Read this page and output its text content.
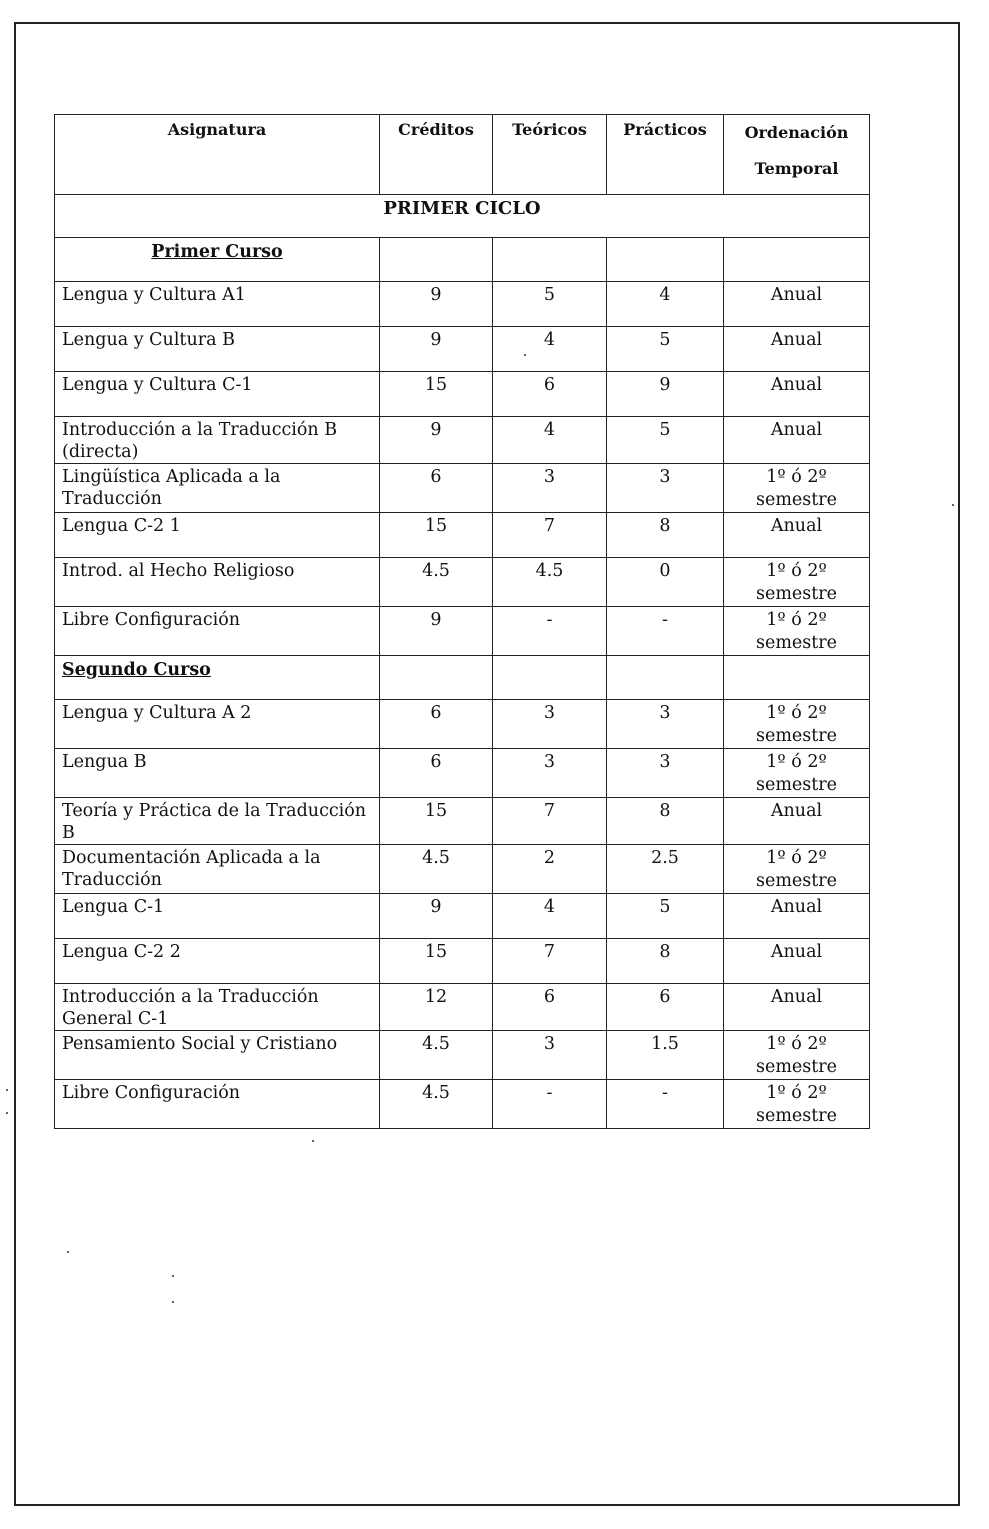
Asignatura	Créditos	Teóricos	Prácticos	Ordenación
Temporal

PRIMER CICLO				
Primer Curso				
Lengua y Cultura A1	9	5	4	Anual
Lengua y Cultura B	9	4	5	Anual
Lengua y Cultura C-1	15	6	9	Anual
Introducción a la Traducción B (directa)	9	4	5	Anual
Lingüística Aplicada a la Traducción	6	3	3	1º ó 2º semestre
Lengua C-2 1	15	7	8	Anual
Introd. al Hecho Religioso	4.5	4.5	0	1º ó 2º semestre
Libre Configuración	9	-	-	1º ó 2º semestre
Segundo Curso				
Lengua y Cultura A 2	6	3	3	1º ó 2º semestre
Lengua B	6	3	3	1º ó 2º semestre
Teoría y Práctica de la Traducción B	15	7	8	Anual
Documentación Aplicada a la Traducción	4.5	2	2.5	1º ó 2º semestre
Lengua C-1	9	4	5	Anual
Lengua C-2 2	15	7	8	Anual
Introducción a la Traducción General C-1	12	6	6	Anual
Pensamiento Social y Cristiano	4.5	3	1.5	1º ó 2º semestre
Libre Configuración	4.5	-	-	1º ó 2º semestre
